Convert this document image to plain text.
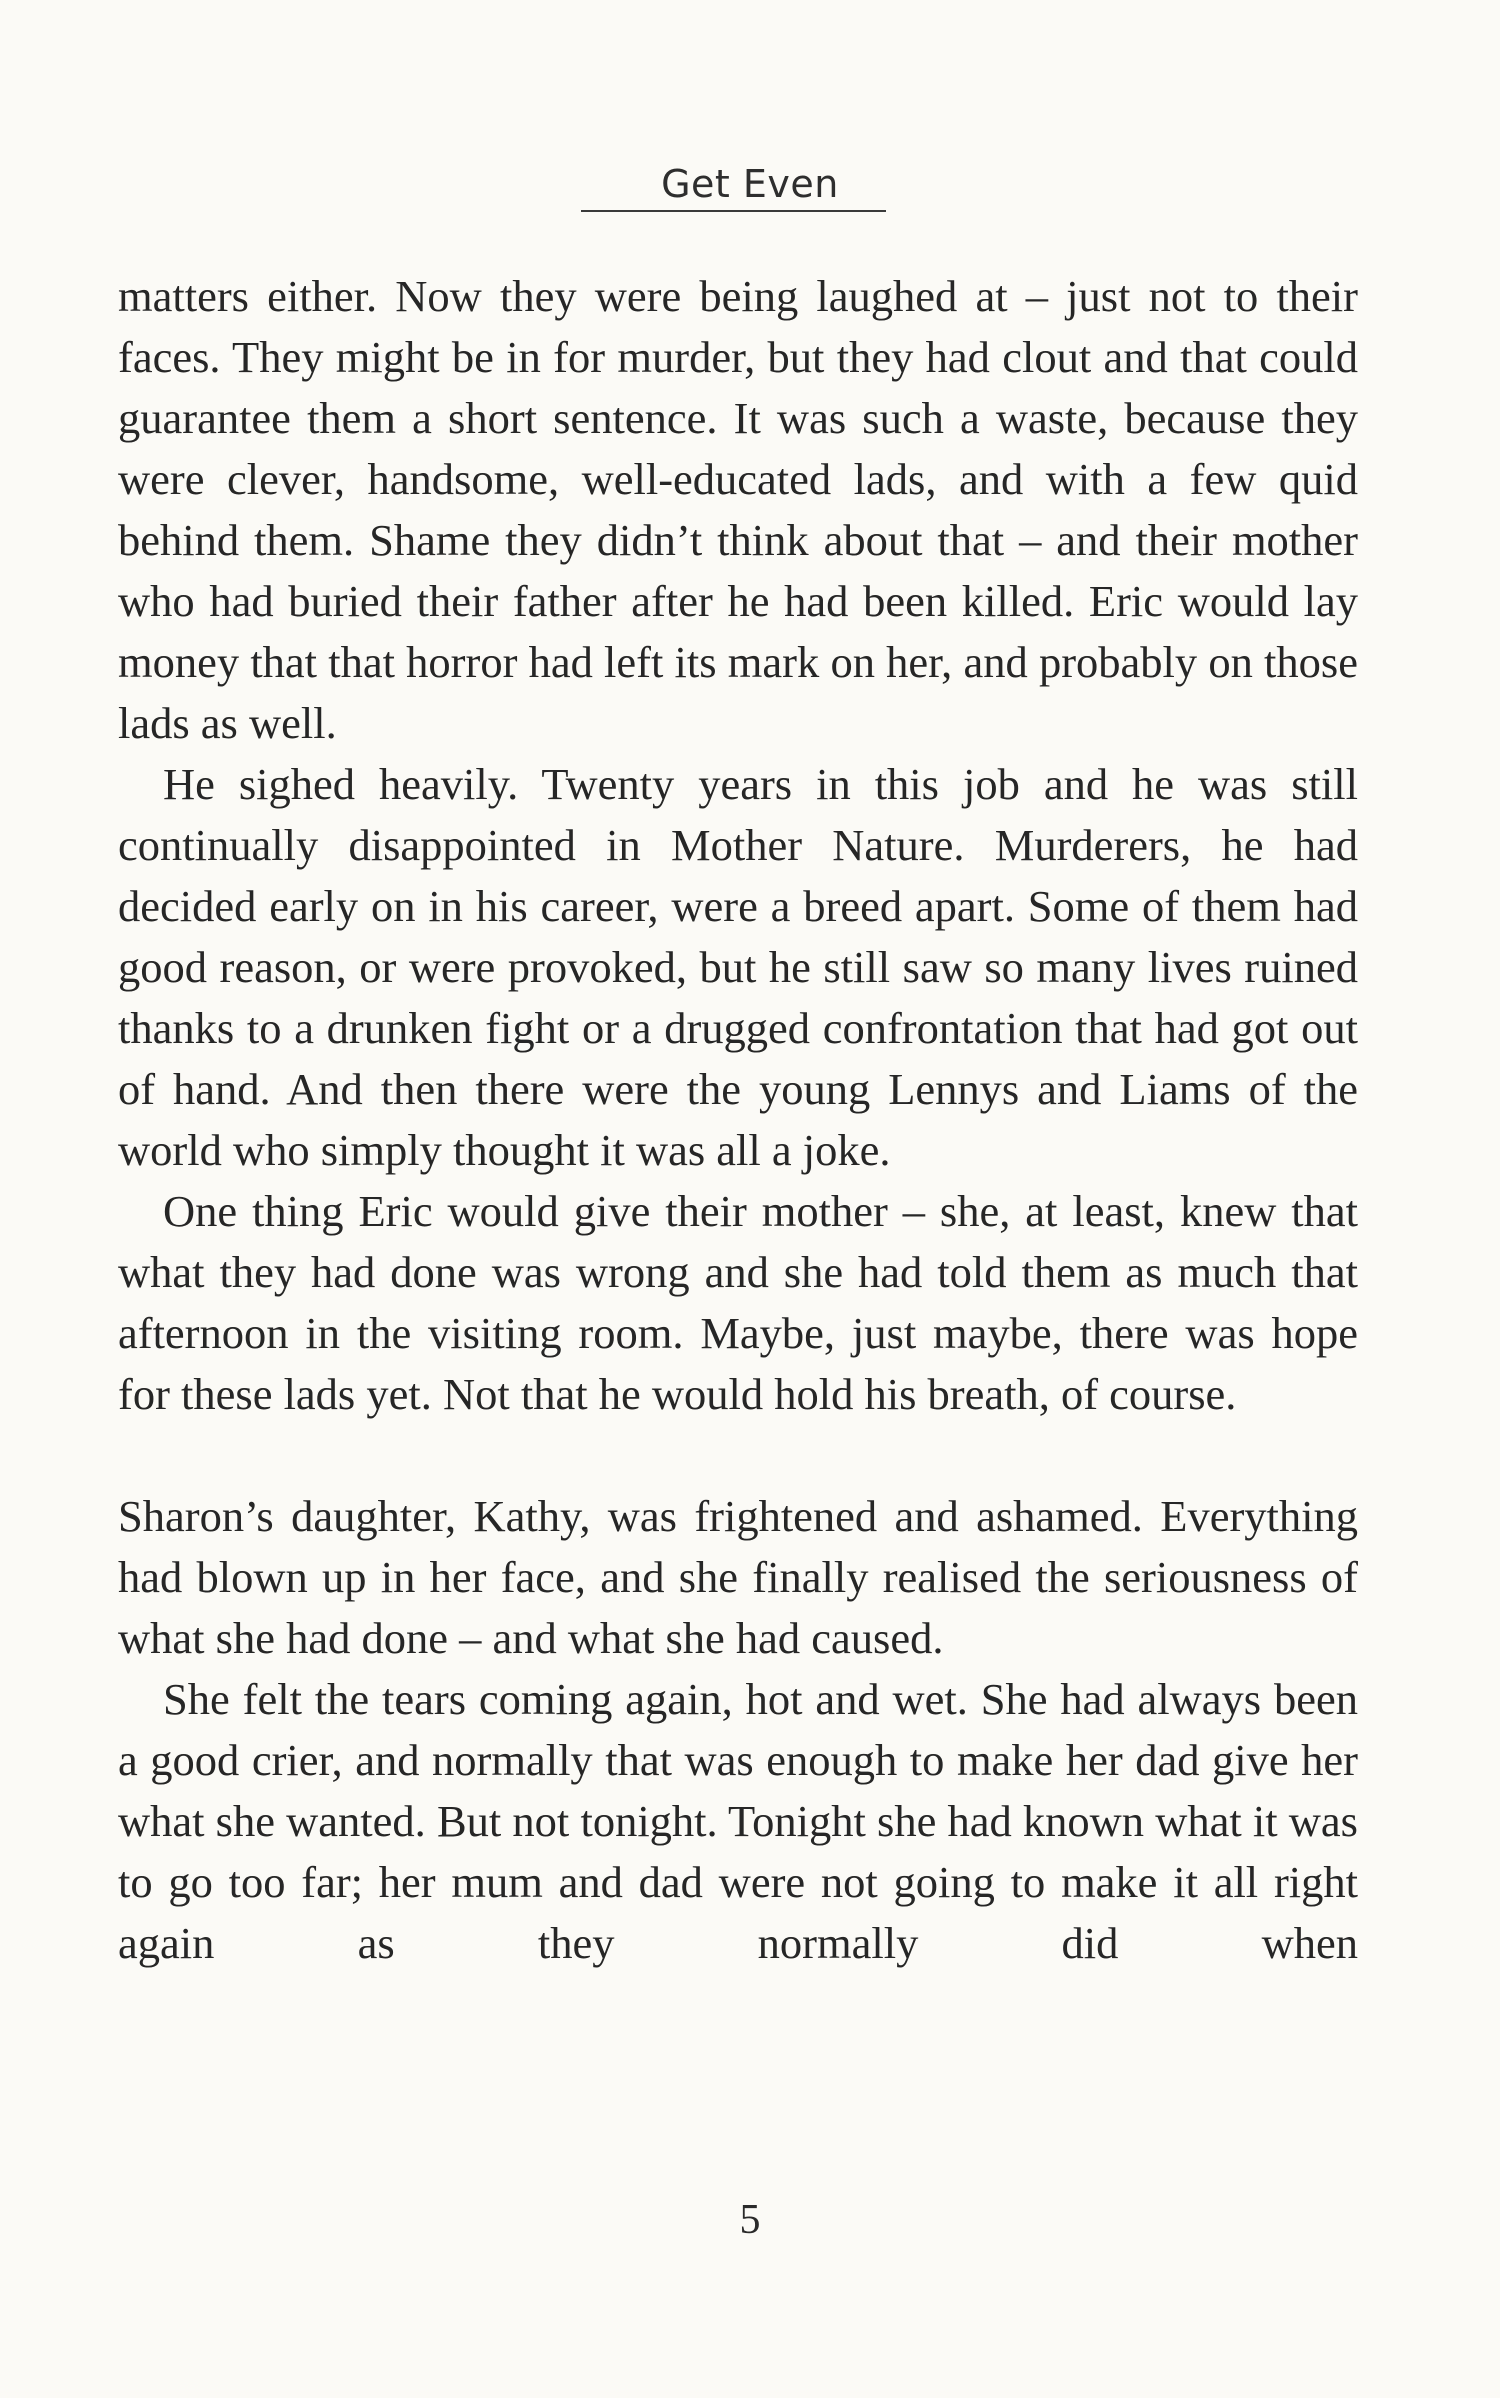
Get Even

matters either. Now they were being laughed at – just not to their faces. They might be in for murder, but they had clout and that could guarantee them a short sentence. It was such a waste, because they were clever, handsome, well-educated lads, and with a few quid behind them. Shame they didn’t think about that – and their mother who had buried their father after he had been killed. Eric would lay money that that horror had left its mark on her, and probably on those lads as well.

He sighed heavily. Twenty years in this job and he was still continually disappointed in Mother Nature. Murderers, he had decided early on in his career, were a breed apart. Some of them had good reason, or were provoked, but he still saw so many lives ruined thanks to a drunken fight or a drugged confrontation that had got out of hand. And then there were the young Lennys and Liams of the world who simply thought it was all a joke.

One thing Eric would give their mother – she, at least, knew that what they had done was wrong and she had told them as much that afternoon in the visiting room. Maybe, just maybe, there was hope for these lads yet. Not that he would hold his breath, of course.

Sharon’s daughter, Kathy, was frightened and ashamed. Everything had blown up in her face, and she finally realised the seriousness of what she had done – and what she had caused.

She felt the tears coming again, hot and wet. She had always been a good crier, and normally that was enough to make her dad give her what she wanted. But not tonight. Tonight she had known what it was to go too far; her mum and dad were not going to make it all right again as they normally did when

5
